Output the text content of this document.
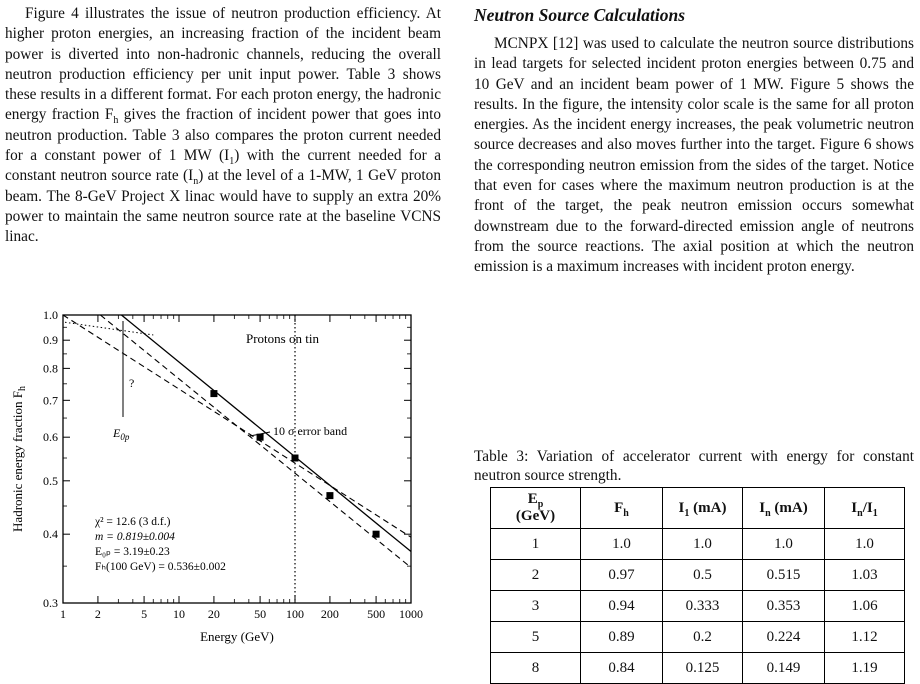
Figure 4 illustrates the issue of neutron production efficiency. At higher proton energies, an increasing fraction of the incident beam power is diverted into non-hadronic channels, reducing the overall neutron production efficiency per unit input power. Table 3 shows these results in a different format. For each proton energy, the hadronic energy fraction $F_h$ gives the fraction of incident power that goes into neutron production. Table 3 also compares the proton current needed for a constant power of 1 MW $(I_1)$ with the current needed for a constant neutron source rate $(I_n)$ at the level of a 1-MW, 1 GeV proton beam. The 8-GeV Project X linac would have to supply an extra 20% power to maintain the same neutron source rate at the baseline VCNS linac.

1 2	5 10 20	50 100 200 500 1000
0.3
0.4
0.5
0.6
0.7
0.8
0.9
1.0
Hadronic energy fraction $F_h$
Energy (GeV)
Protons on tin
10 σ error band
$E_{0p}$
?
χ² = 12.6 (3 d.f.)
m = 0.819±0.004
E₀ₚ = 3.19±0.23
Fₕ(100 GeV) = 0.536±0.002
Neutron Source Calculations

MCNPX [12] was used to calculate the neutron source distributions in lead targets for selected incident proton energies between 0.75 and 10 GeV and an incident beam power of 1 MW. Figure 5 shows the results. In the figure, the intensity color scale is the same for all proton energies. As the incident energy increases, the peak volumetric neutron source decreases and also moves further into the target. Figure 6 shows the corresponding neutron emission from the sides of the target. Notice that even for cases where the maximum neutron production is at the front of the target, the peak neutron emission occurs somewhat downstream due to the forward-directed emission angle of neutrons from the source reactions. The axial position at which the neutron emission is a maximum increases with incident proton energy.

Table 3: Variation of accelerator current with energy for constant neutron source strength.

$E_p$
(GeV)	$F_h$	$I_1$ (mA)	$I_n$ (mA)	$I_n/I_1$
1	1.0	1.0	1.0	1.0
2	0.97	0.5	0.515	1.03
3	0.94	0.333	0.353	1.06
5	0.89	0.2	0.224	1.12
8	0.84	0.125	0.149	1.19
